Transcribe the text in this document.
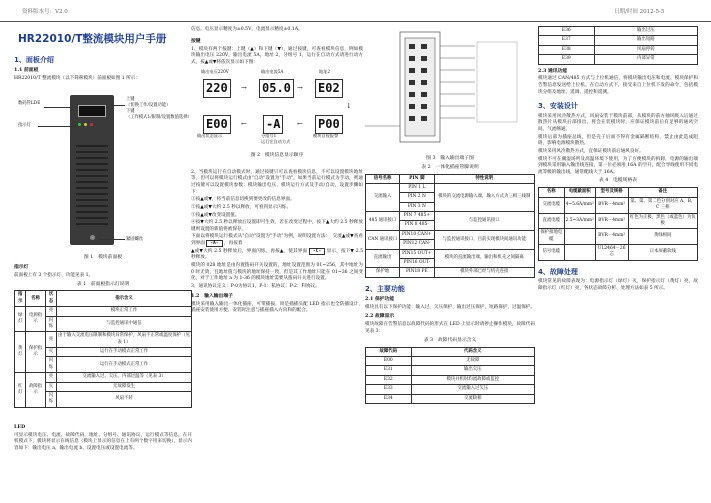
资料版本号：V2.0	日期/时间 2012-5-5
HR22010/T整流模块用户手册
1、面板介绍
1.1 前面板

HR22010/T 整流模块（以下简称模块）前面板如图 1 所示：

数码管LDE
上键
（切换工作/设置功能）
下键
（工作模式1/限制/设置数值选择）
指示灯
紧固螺丝
图 1　模块前面板
指示灯

前面板上有 3 个指示灯，功能见表 1。

表 1　前面板指示灯说明
指示	名称	状态	指示含义
绿灯	电源指示	亮	模块正常工作
		闪烁	与监控通讯中通信
黄灯	保护指示	亮	由于输入交流电压限制和模块异常保护，风扇不正常或温度保护（见表 1）
		灭	运行在手动模式正常工作
		闪烁	运行在手动模式正常工作
红灯	故障指示	亮	交流输入过、欠压、内部过温等（见表 3）
		灭	无故障发生
		闪烁	风扇不转
LED

可显示模块电压、电流、故障代码、地址、分组号、通讯协议、运行模式等信息。在开机模式下，模块将显示在线信息（模块上显示的信息在上有两个数字用来切换），显示内容如下：输出电压 a，输出电流 b，设置电压或设置电流等。

信息。电压显示精度为±0.5V，电流显示精度±0.1A。

按键

1、模块有两个按键：上键（▲）和下键（▼），通过按键，可查看模块信息，例如模块输出电压 220V，输出电流 5A，地址 2，分组号 1，运行在自动方式请进行动方式，按▲或▼将依次显示如下图：

输出电压220V	输出电流5A	地址2
220	05.0 E02
→	→
↓
E00	-A	P00
←	←
输出状态显示	分组号1
运行在自动方式
模块自检报警
图 2　模块信息显示顺序

2、当模块运行在自动模式时，通过按键只可以查看模块信息，不可以设置模块地址等，但可以将模块运行模式由"自动"设置为"手动"。如果当前运行模式为手动，则通过按键可以设置模块参数：模块输出电压、模块运行方式及手动/自动，设置步骤如下：

①按▲或▼，将当前信息切换到要更改的信息界面。

②按▲或▼大约 2.5 秒以释放，可看到显示闪烁。

③按▲或▼改变设置值。

④按▼大约 2.5 秒以释放后设置即可生效，若在改变过程中，按下▲大约 2.5 秒释放键则设置的新值将被保存。

下面以将模块运行模式从"自动"设置为"手动"为例，说明设置方法：　交流▲或▼查看到界面 -A- ，再按着

▲或▼大约 2.5 秒释放后，界面闪烁，再按▲，使其界面 -C- 显示，按下▼ 2.5 秒释放。

模块的 028 地址是由内置拨码开关设置的，地址设置范围为 01~256，其中地址为 0 时无效，且地址值与模块的地址保持一致，但是其工作地址只能在 01~36 之间变化，对于工作地址 a 为 1-36 的模块地址需要从拨码开关进行设置。

3、通讯协议定义：P-0为协议1，P-1：私协议；P-2：科协议。

1.2　输入输出端子

模块采用输入输出一体化插座，可带插拔，同是插插头配 LED 指示也全防插设计，插座安装使用方便，安装时注意与插座插入方向和的配合。

图 3　输入输出端子图
表 2　一体化插座管脚说明
信号名称	PIN 脚	特性说明
交流输入	PIN 1 L	模块的交流电源输入端，输入方式为三相三线制
	PIN 2 N	
	PIN 3 N	
485 通讯接口	PIN 7 485+	与监控通讯接口
	PIN 8 485-	
CAN 通讯接口	PIN10 CAN+	与监控通讯接口，目前实现模块间通讯功能
	PIN12 CAN-	
直流输出	PIN15 OUT+	模块的直流输出端，输出和机壳之间隔离
	PIN16 OUT-	
保护地	PIN18 PE	模块外部已经与机壳连接
2、主要功能
2.1 保护功能

模块具有以下保护功能：输入过、欠压保护，输出过压保护，短路保护，过温保护。

2.2 故障显示

模块故障在告警信息以故障代码的形式在 LED 上显示时请停止操作模块，故障代码见表 3：

表 3　故障代码显示含义
故障代码	代码含义
E00	无故障
E31	输出欠压
E32	模块并机时均流故障或监控
E33	交流输入过欠压
E34	交流缺相
E36	输出过压
E37	输出短路
E38	风扇停转
E39	内部异常
2.3 通讯功能

模块通过 CAN/485 方式与上位机通信，将模块输出电压和电流、模块保护和告警信息发送给上位机。在自动方式下，接受来自上位机下发的命令，包括模块分组及地址、遥调、遥控和遥测。

3、安装设计

模块采用风冷散热方式，风扇安装于模块前部，从模块的前方抽风吸入后通过散热片从模块后部排出，将会在装模块时，应保证模块前后有足够的通风空间，气流畅通。

模块后部为插座总线，但是壳子后面不得有金属隔断结构，禁止由此造成阻碍，影响电源模块散热。

模块采用风冷散热方式，宜保证模块前后通风良好。

模块不可在潮湿场所及高温环境下使用，为了方便模块的拆卸，电源的输出端到模块采用输入输出线连接，第一位必须用 16A 的空开，配合导线使用不同电流等级的输出线，通常配线大于 16A。

表 4　电缆规格表
名称	电缆截面积	型号及规格	备注
交流电缆	4~5.6A/mm²	BVR－4mm²	第、第、第二色分别对应 A、B、C 三相
直流电缆	2.5~3A/mm²	BVR－4mm²	红色为正极，黑色（或蓝色）为负极
保护接地电缆		BVR－4mm²	黄绿相间
信号电缆		UL2464－26芯	日本屏蔽软线
4、故障处理

模块常见的故障表现为：电源指示灯（绿灯）灭，保护指示灯（黄灯）亮，故障指示灯（红灯）亮，各状态故障分析、处理方法如表 5 所示。
